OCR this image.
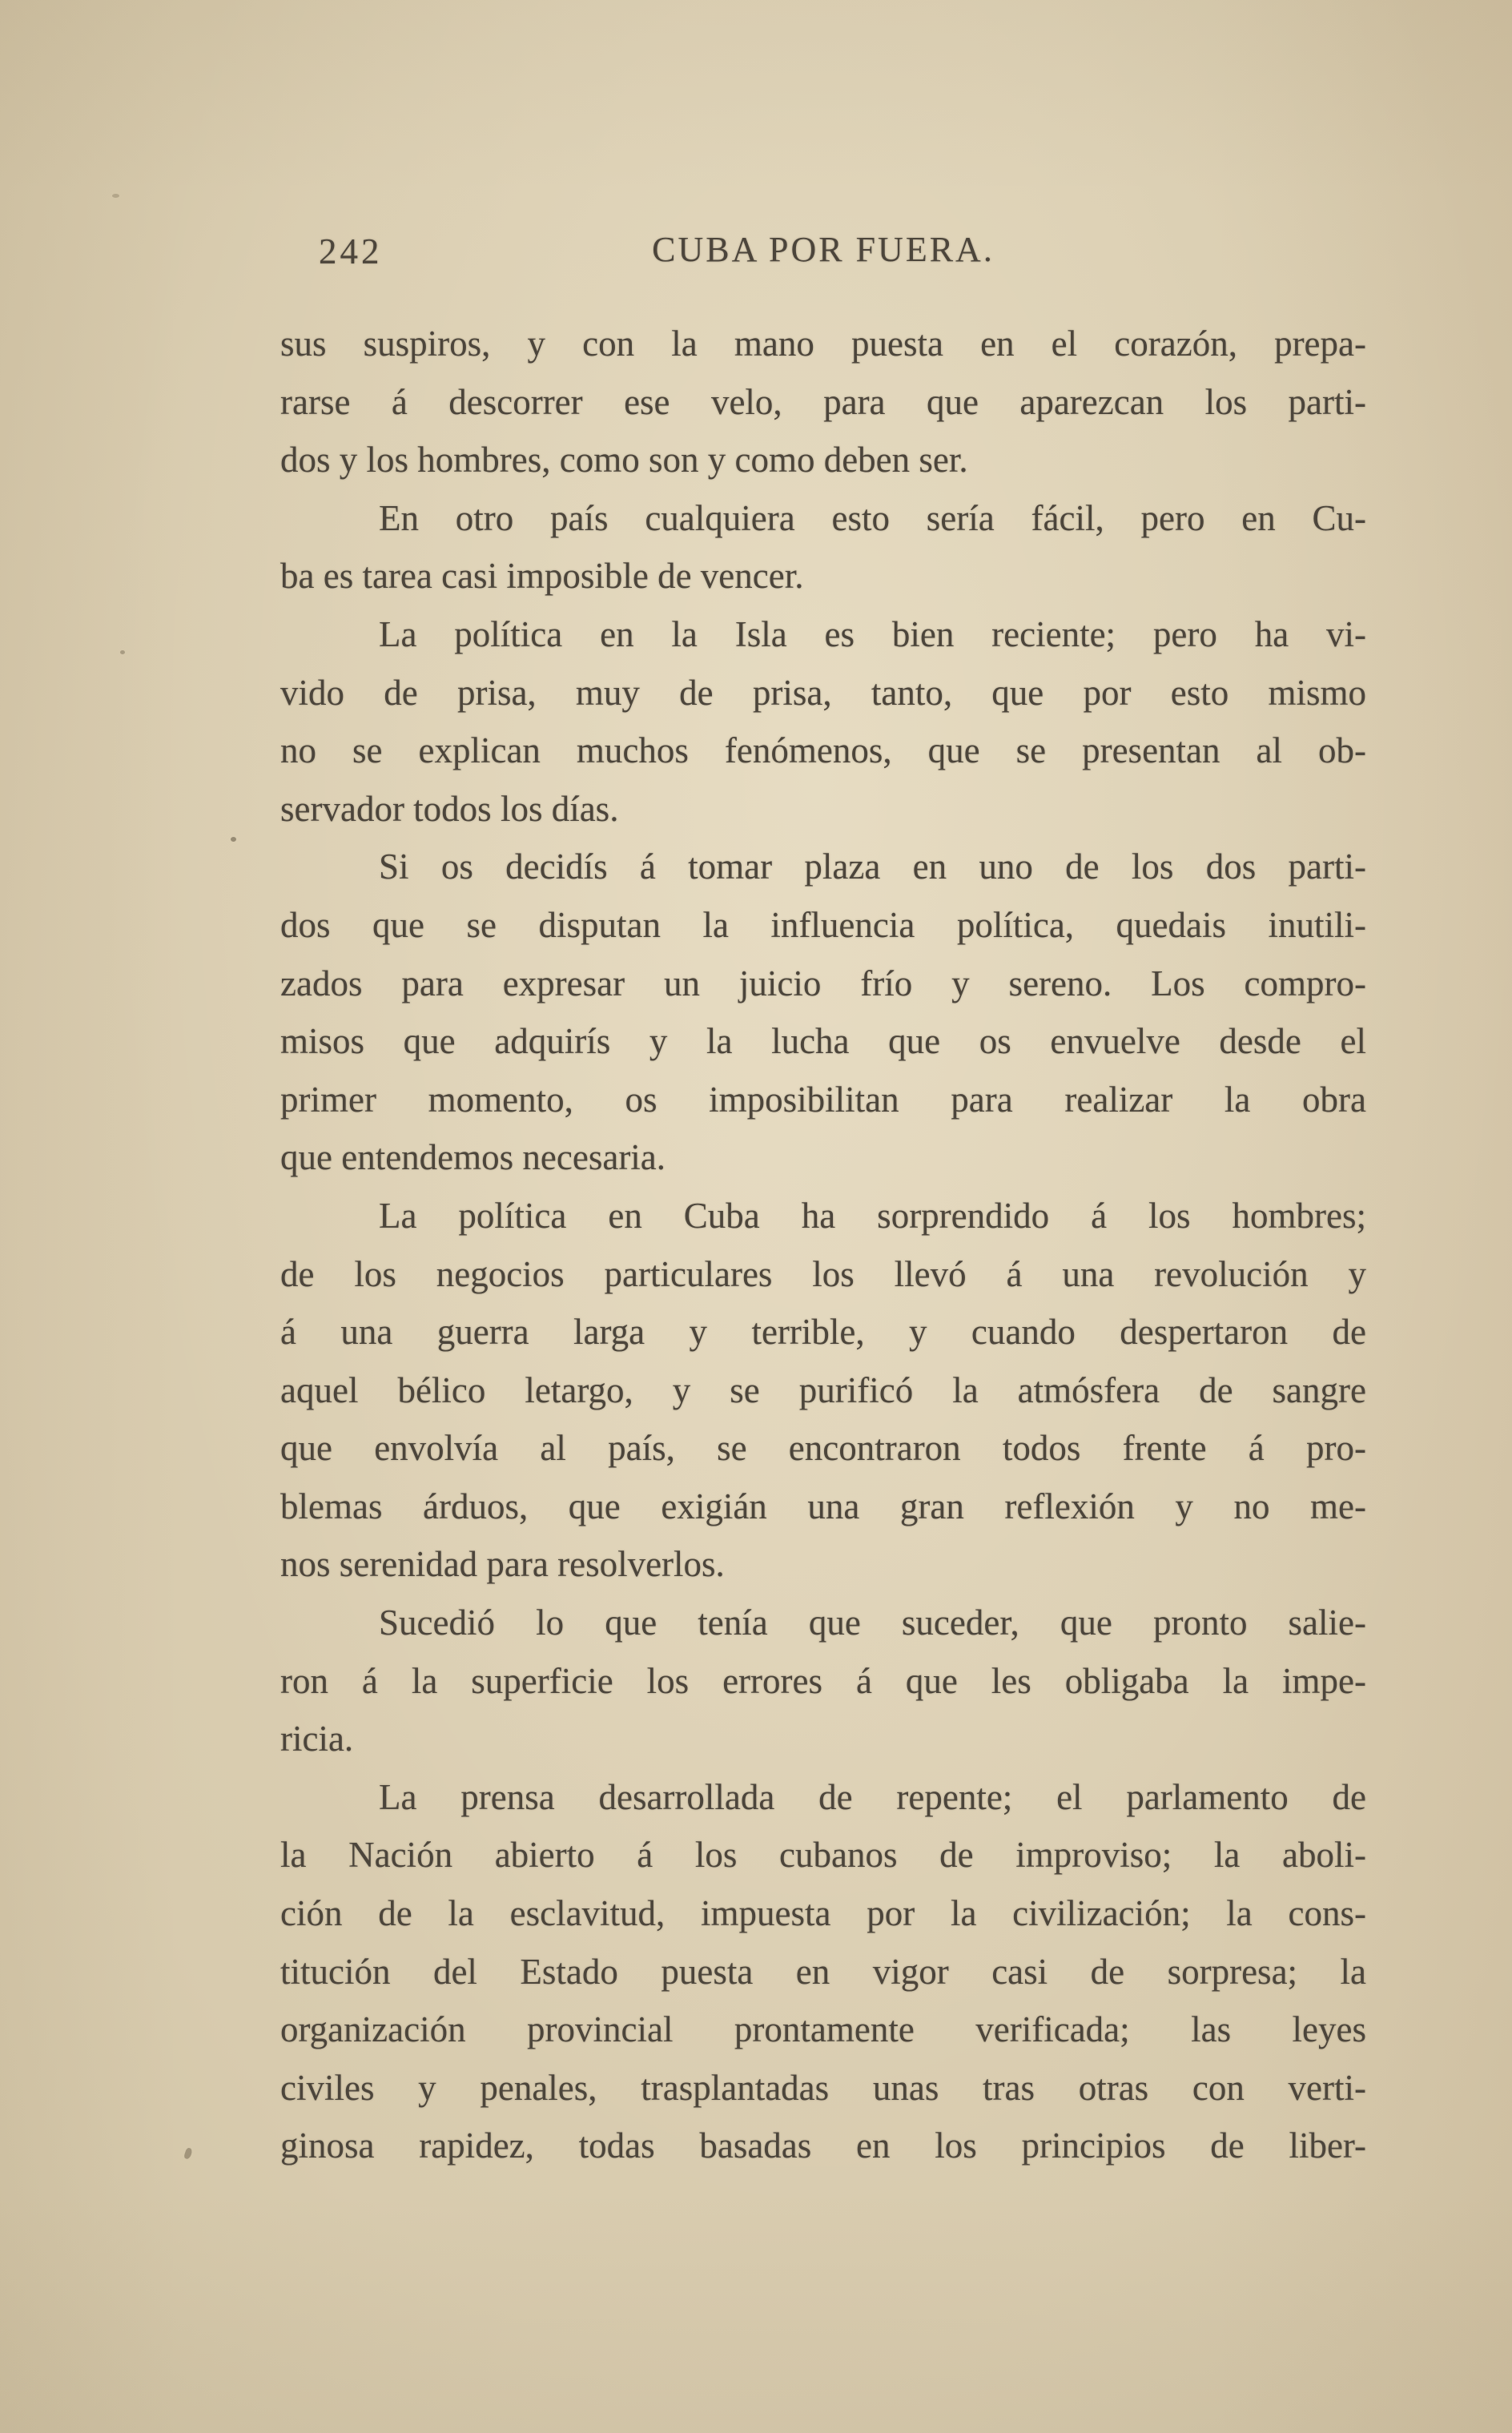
242	CUBA POR FUERA.
sus suspiros, y con la mano puesta en el corazón, prepa-
rarse á descorrer ese velo, para que aparezcan los parti-
dos y los hombres, como son y como deben ser.
En otro país cualquiera esto sería fácil, pero en Cu-
ba es tarea casi imposible de vencer.
La política en la Isla es bien reciente; pero ha vi-
vido de prisa, muy de prisa, tanto, que por esto mismo
no se explican muchos fenómenos, que se presentan al ob-
servador todos los días.
Si os decidís á tomar plaza en uno de los dos parti-
dos que se disputan la influencia política, quedais inutili-
zados para expresar un juicio frío y sereno. Los compro-
misos que adquirís y la lucha que os envuelve desde el
primer momento, os imposibilitan para realizar la obra
que entendemos necesaria.
La política en Cuba ha sorprendido á los hombres;
de los negocios particulares los llevó á una revolución y
á una guerra larga y terrible, y cuando despertaron de
aquel bélico letargo, y se purificó la atmósfera de sangre
que envolvía al país, se encontraron todos frente á pro-
blemas árduos, que exigián una gran reflexión y no me-
nos serenidad para resolverlos.
Sucedió lo que tenía que suceder, que pronto salie-
ron á la superficie los errores á que les obligaba la impe-
ricia.
La prensa desarrollada de repente; el parlamento de
la Nación abierto á los cubanos de improviso; la aboli-
ción de la esclavitud, impuesta por la civilización; la cons-
titución del Estado puesta en vigor casi de sorpresa; la
organización provincial prontamente verificada; las leyes
civiles y penales, trasplantadas unas tras otras con verti-
ginosa rapidez, todas basadas en los principios de liber-
